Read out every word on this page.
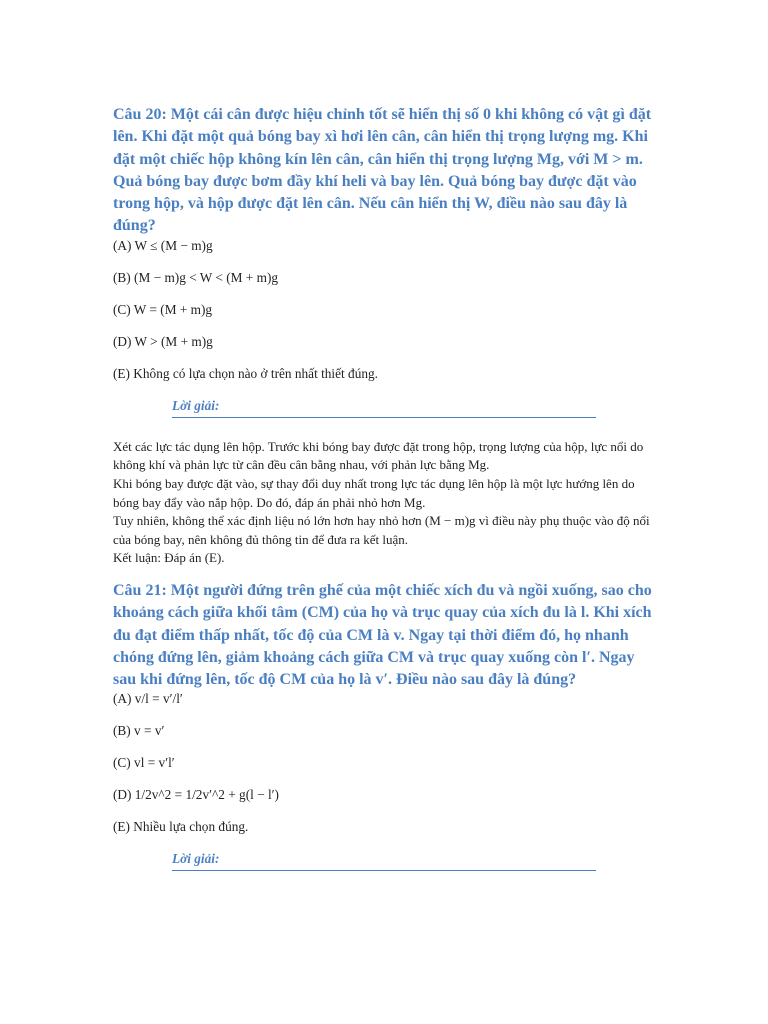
Câu 20: Một cái cân được hiệu chỉnh tốt sẽ hiển thị số 0 khi không có vật gì đặt lên. Khi đặt một quả bóng bay xì hơi lên cân, cân hiển thị trọng lượng mg. Khi đặt một chiếc hộp không kín lên cân, cân hiển thị trọng lượng Mg, với M > m. Quả bóng bay được bơm đầy khí heli và bay lên. Quả bóng bay được đặt vào trong hộp, và hộp được đặt lên cân. Nếu cân hiển thị W, điều nào sau đây là đúng?

(A) W ≤ (M − m)g

(B) (M − m)g < W < (M + m)g

(C) W = (M + m)g

(D) W > (M + m)g

(E) Không có lựa chọn nào ở trên nhất thiết đúng.

Lời giải:

Xét các lực tác dụng lên hộp. Trước khi bóng bay được đặt trong hộp, trọng lượng của hộp, lực nổi do không khí và phản lực từ cân đều cân bằng nhau, với phản lực bằng Mg.

Khi bóng bay được đặt vào, sự thay đổi duy nhất trong lực tác dụng lên hộp là một lực hướng lên do bóng bay đẩy vào nắp hộp. Do đó, đáp án phải nhỏ hơn Mg.

Tuy nhiên, không thể xác định liệu nó lớn hơn hay nhỏ hơn (M − m)g vì điều này phụ thuộc vào độ nổi của bóng bay, nên không đủ thông tin để đưa ra kết luận.

Kết luận: Đáp án (E).

Câu 21: Một người đứng trên ghế của một chiếc xích đu và ngồi xuống, sao cho khoảng cách giữa khối tâm (CM) của họ và trục quay của xích đu là l. Khi xích đu đạt điểm thấp nhất, tốc độ của CM là v. Ngay tại thời điểm đó, họ nhanh chóng đứng lên, giảm khoảng cách giữa CM và trục quay xuống còn l′. Ngay sau khi đứng lên, tốc độ CM của họ là v′. Điều nào sau đây là đúng?

(A) v/l = v′/l′

(B) v = v′

(C) vl = v′l′

(D) 1/2v^2 = 1/2v′^2 + g(l − l′)

(E) Nhiều lựa chọn đúng.

Lời giải:
